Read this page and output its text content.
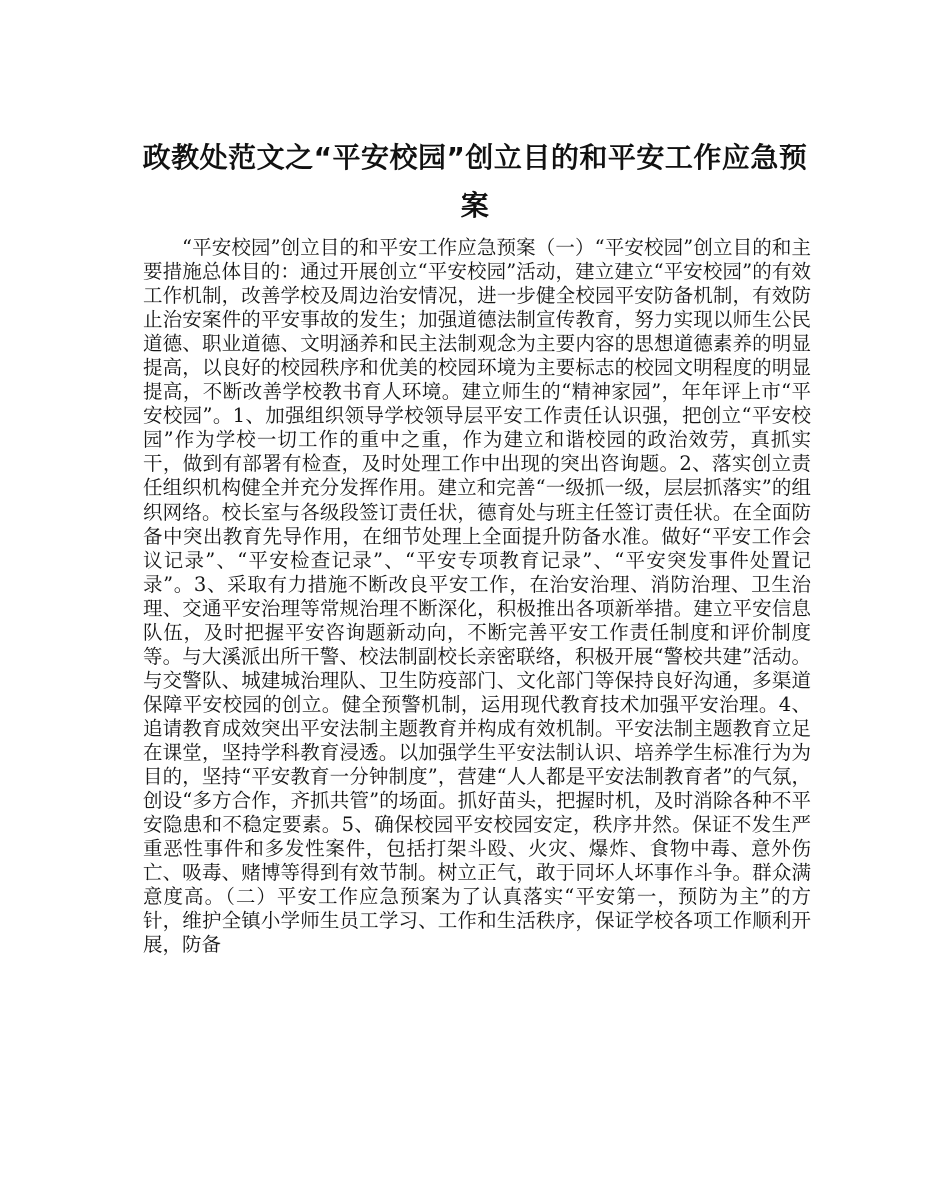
政教处范文之“平安校园”创立目的和平安工作应急预案

“平安校园”创立目的和平安工作应急预案（一）“平安校园”创立目的和主要措施总体目的：通过开展创立“平安校园”活动，建立建立“平安校园”的有效工作机制，改善学校及周边治安情况，进一步健全校园平安防备机制，有效防止治安案件的平安事故的发生；加强道德法制宣传教育，努力实现以师生公民道德、职业道德、文明涵养和民主法制观念为主要内容的思想道德素养的明显提高，以良好的校园秩序和优美的校园环境为主要标志的校园文明程度的明显提高，不断改善学校教书育人环境。建立师生的“精神家园”，年年评上市“平安校园”。1、加强组织领导学校领导层平安工作责任认识强，把创立“平安校园”作为学校一切工作的重中之重，作为建立和谐校园的政治效劳，真抓实干，做到有部署有检查，及时处理工作中出现的突出咨询题。2、落实创立责任组织机构健全并充分发挥作用。建立和完善“一级抓一级，层层抓落实”的组织网络。校长室与各级段签订责任状，德育处与班主任签订责任状。在全面防备中突出教育先导作用，在细节处理上全面提升防备水准。做好“平安工作会议记录”、“平安检查记录”、“平安专项教育记录”、“平安突发事件处置记录”。3、采取有力措施不断改良平安工作，在治安治理、消防治理、卫生治理、交通平安治理等常规治理不断深化，积极推出各项新举措。建立平安信息队伍，及时把握平安咨询题新动向，不断完善平安工作责任制度和评价制度等。与大溪派出所干警、校法制副校长亲密联络，积极开展“警校共建”活动。与交警队、城建城治理队、卫生防疫部门、文化部门等保持良好沟通，多渠道保障平安校园的创立。健全预警机制，运用现代教育技术加强平安治理。4、追请教育成效突出平安法制主题教育并构成有效机制。平安法制主题教育立足在课堂，坚持学科教育浸透。以加强学生平安法制认识、培养学生标准行为为目的，坚持“平安教育一分钟制度”，营建“人人都是平安法制教育者”的气氛，创设“多方合作，齐抓共管”的场面。抓好苗头，把握时机，及时消除各种不平安隐患和不稳定要素。5、确保校园平安校园安定，秩序井然。保证不发生严重恶性事件和多发性案件，包括打架斗殴、火灾、爆炸、食物中毒、意外伤亡、吸毒、赌博等得到有效节制。树立正气，敢于同坏人坏事作斗争。群众满意度高。（二）平安工作应急预案为了认真落实“平安第一，预防为主”的方针，维护全镇小学师生员工学习、工作和生活秩序，保证学校各项工作顺利开展，防备
